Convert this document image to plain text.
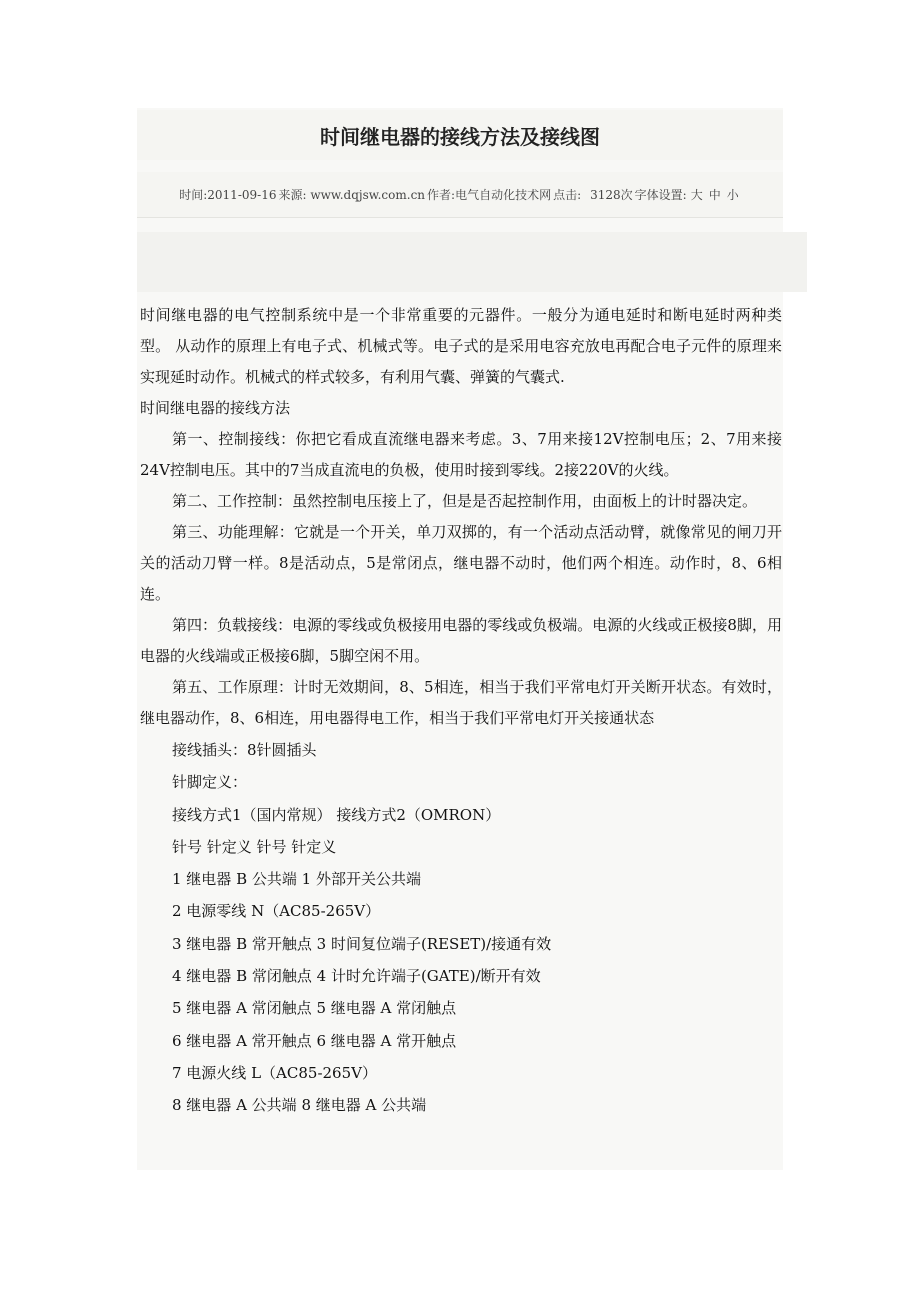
时间继电器的接线方法及接线图
时间:2011-09-16 来源: www.dqjsw.com.cn 作者:电气自动化技术网 点击: 3128次 字体设置: 大 中 小

时间继电器的电气控制系统中是一个非常重要的元器件。一般分为通电延时和断电延时两种类型。 从动作的原理上有电子式、机械式等。电子式的是采用电容充放电再配合电子元件的原理来实现延时动作。机械式的样式较多，有利用气囊、弹簧的气囊式.

时间继电器的接线方法

第一、控制接线：你把它看成直流继电器来考虑。3、7用来接12V控制电压；2、7用来接24V控制电压。其中的7当成直流电的负极，使用时接到零线。2接220V的火线。

第二、工作控制：虽然控制电压接上了，但是是否起控制作用，由面板上的计时器决定。

第三、功能理解：它就是一个开关，单刀双掷的，有一个活动点活动臂，就像常见的闸刀开关的活动刀臂一样。8是活动点，5是常闭点，继电器不动时，他们两个相连。动作时，8、6相连。

第四：负载接线：电源的零线或负极接用电器的零线或负极端。电源的火线或正极接8脚，用电器的火线端或正极接6脚，5脚空闲不用。

第五、工作原理：计时无效期间，8、5相连，相当于我们平常电灯开关断开状态。有效时，继电器动作，8、6相连，用电器得电工作，相当于我们平常电灯开关接通状态

接线插头：8针圆插头

针脚定义：

接线方式1（国内常规） 接线方式2（OMRON）

针号 针定义 针号 针定义

1 继电器 B 公共端 1 外部开关公共端

2 电源零线 N（AC85-265V）

3 继电器 B 常开触点 3 时间复位端子(RESET)/接通有效

4 继电器 B 常闭触点 4 计时允许端子(GATE)/断开有效

5 继电器 A 常闭触点 5 继电器 A 常闭触点

6 继电器 A 常开触点 6 继电器 A 常开触点

7 电源火线 L（AC85-265V）

8 继电器 A 公共端 8 继电器 A 公共端
